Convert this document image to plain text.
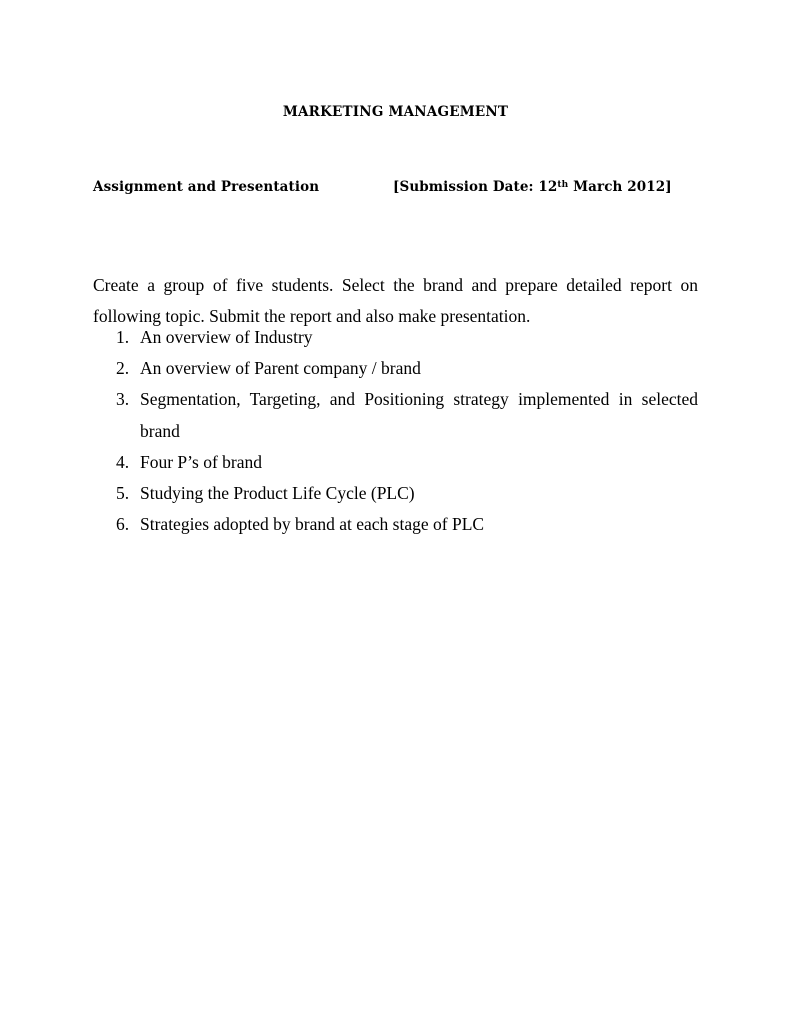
MARKETING MANAGEMENT
Assignment and Presentation	[Submission Date: 12th March 2012]

Create a group of five students. Select the brand and prepare detailed report on following topic. Submit the report and also make presentation.

1. An overview of Industry
2. An overview of Parent company / brand
3. Segmentation, Targeting, and Positioning strategy implemented in selected brand
4. Four P’s of brand
5. Studying the Product Life Cycle (PLC)
6. Strategies adopted by brand at each stage of PLC
